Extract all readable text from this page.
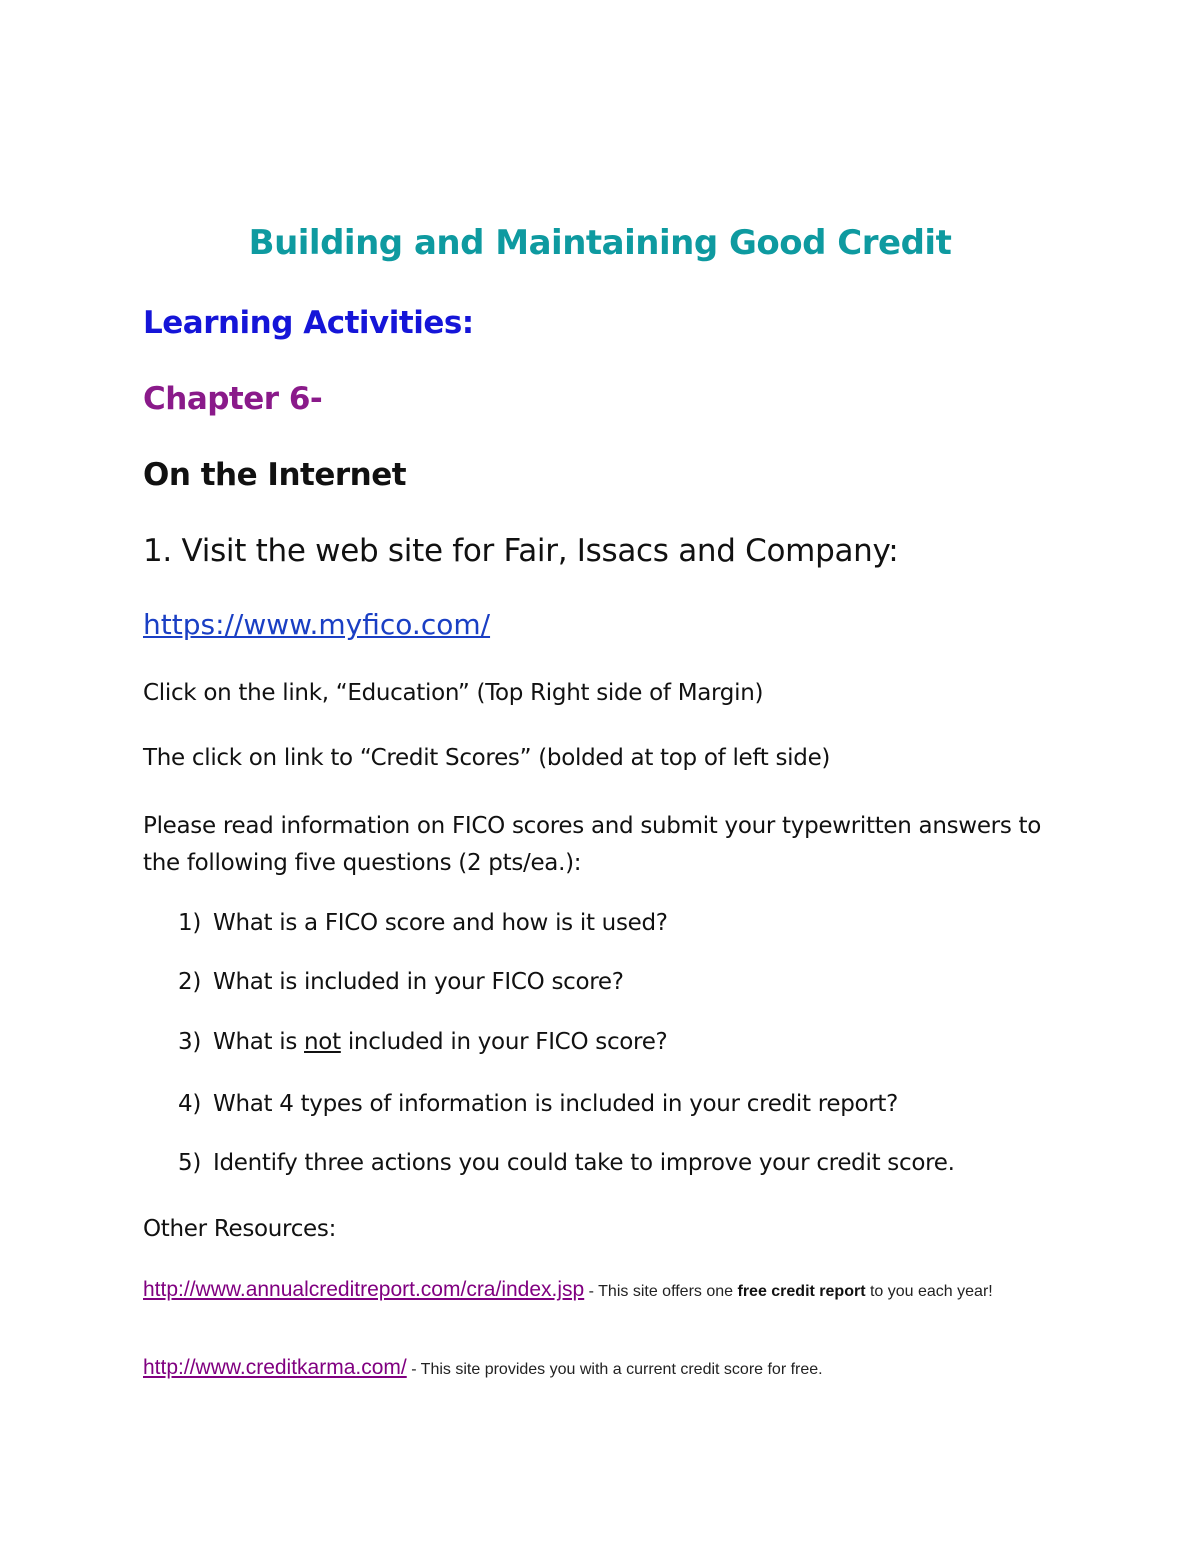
Building and Maintaining Good Credit
Learning Activities:
Chapter 6-
On the Internet

1. Visit the web site for Fair, Issacs and Company:

https://www.myfico.com/

Click on the link, “Education” (Top Right side of Margin)

The click on link to “Credit Scores” (bolded at top of left side)

Please read information on FICO scores and submit your typewritten answers to the following five questions (2 pts/ea.):

1) What is a FICO score and how is it used?
2) What is included in your FICO score?
3) What is not included in your FICO score?
4) What 4 types of information is included in your credit report?
5) Identify three actions you could take to improve your credit score.

Other Resources:

http://www.annualcreditreport.com/cra/index.jsp - This site offers one free credit report to you each year!

http://www.creditkarma.com/ - This site provides you with a current credit score for free.
